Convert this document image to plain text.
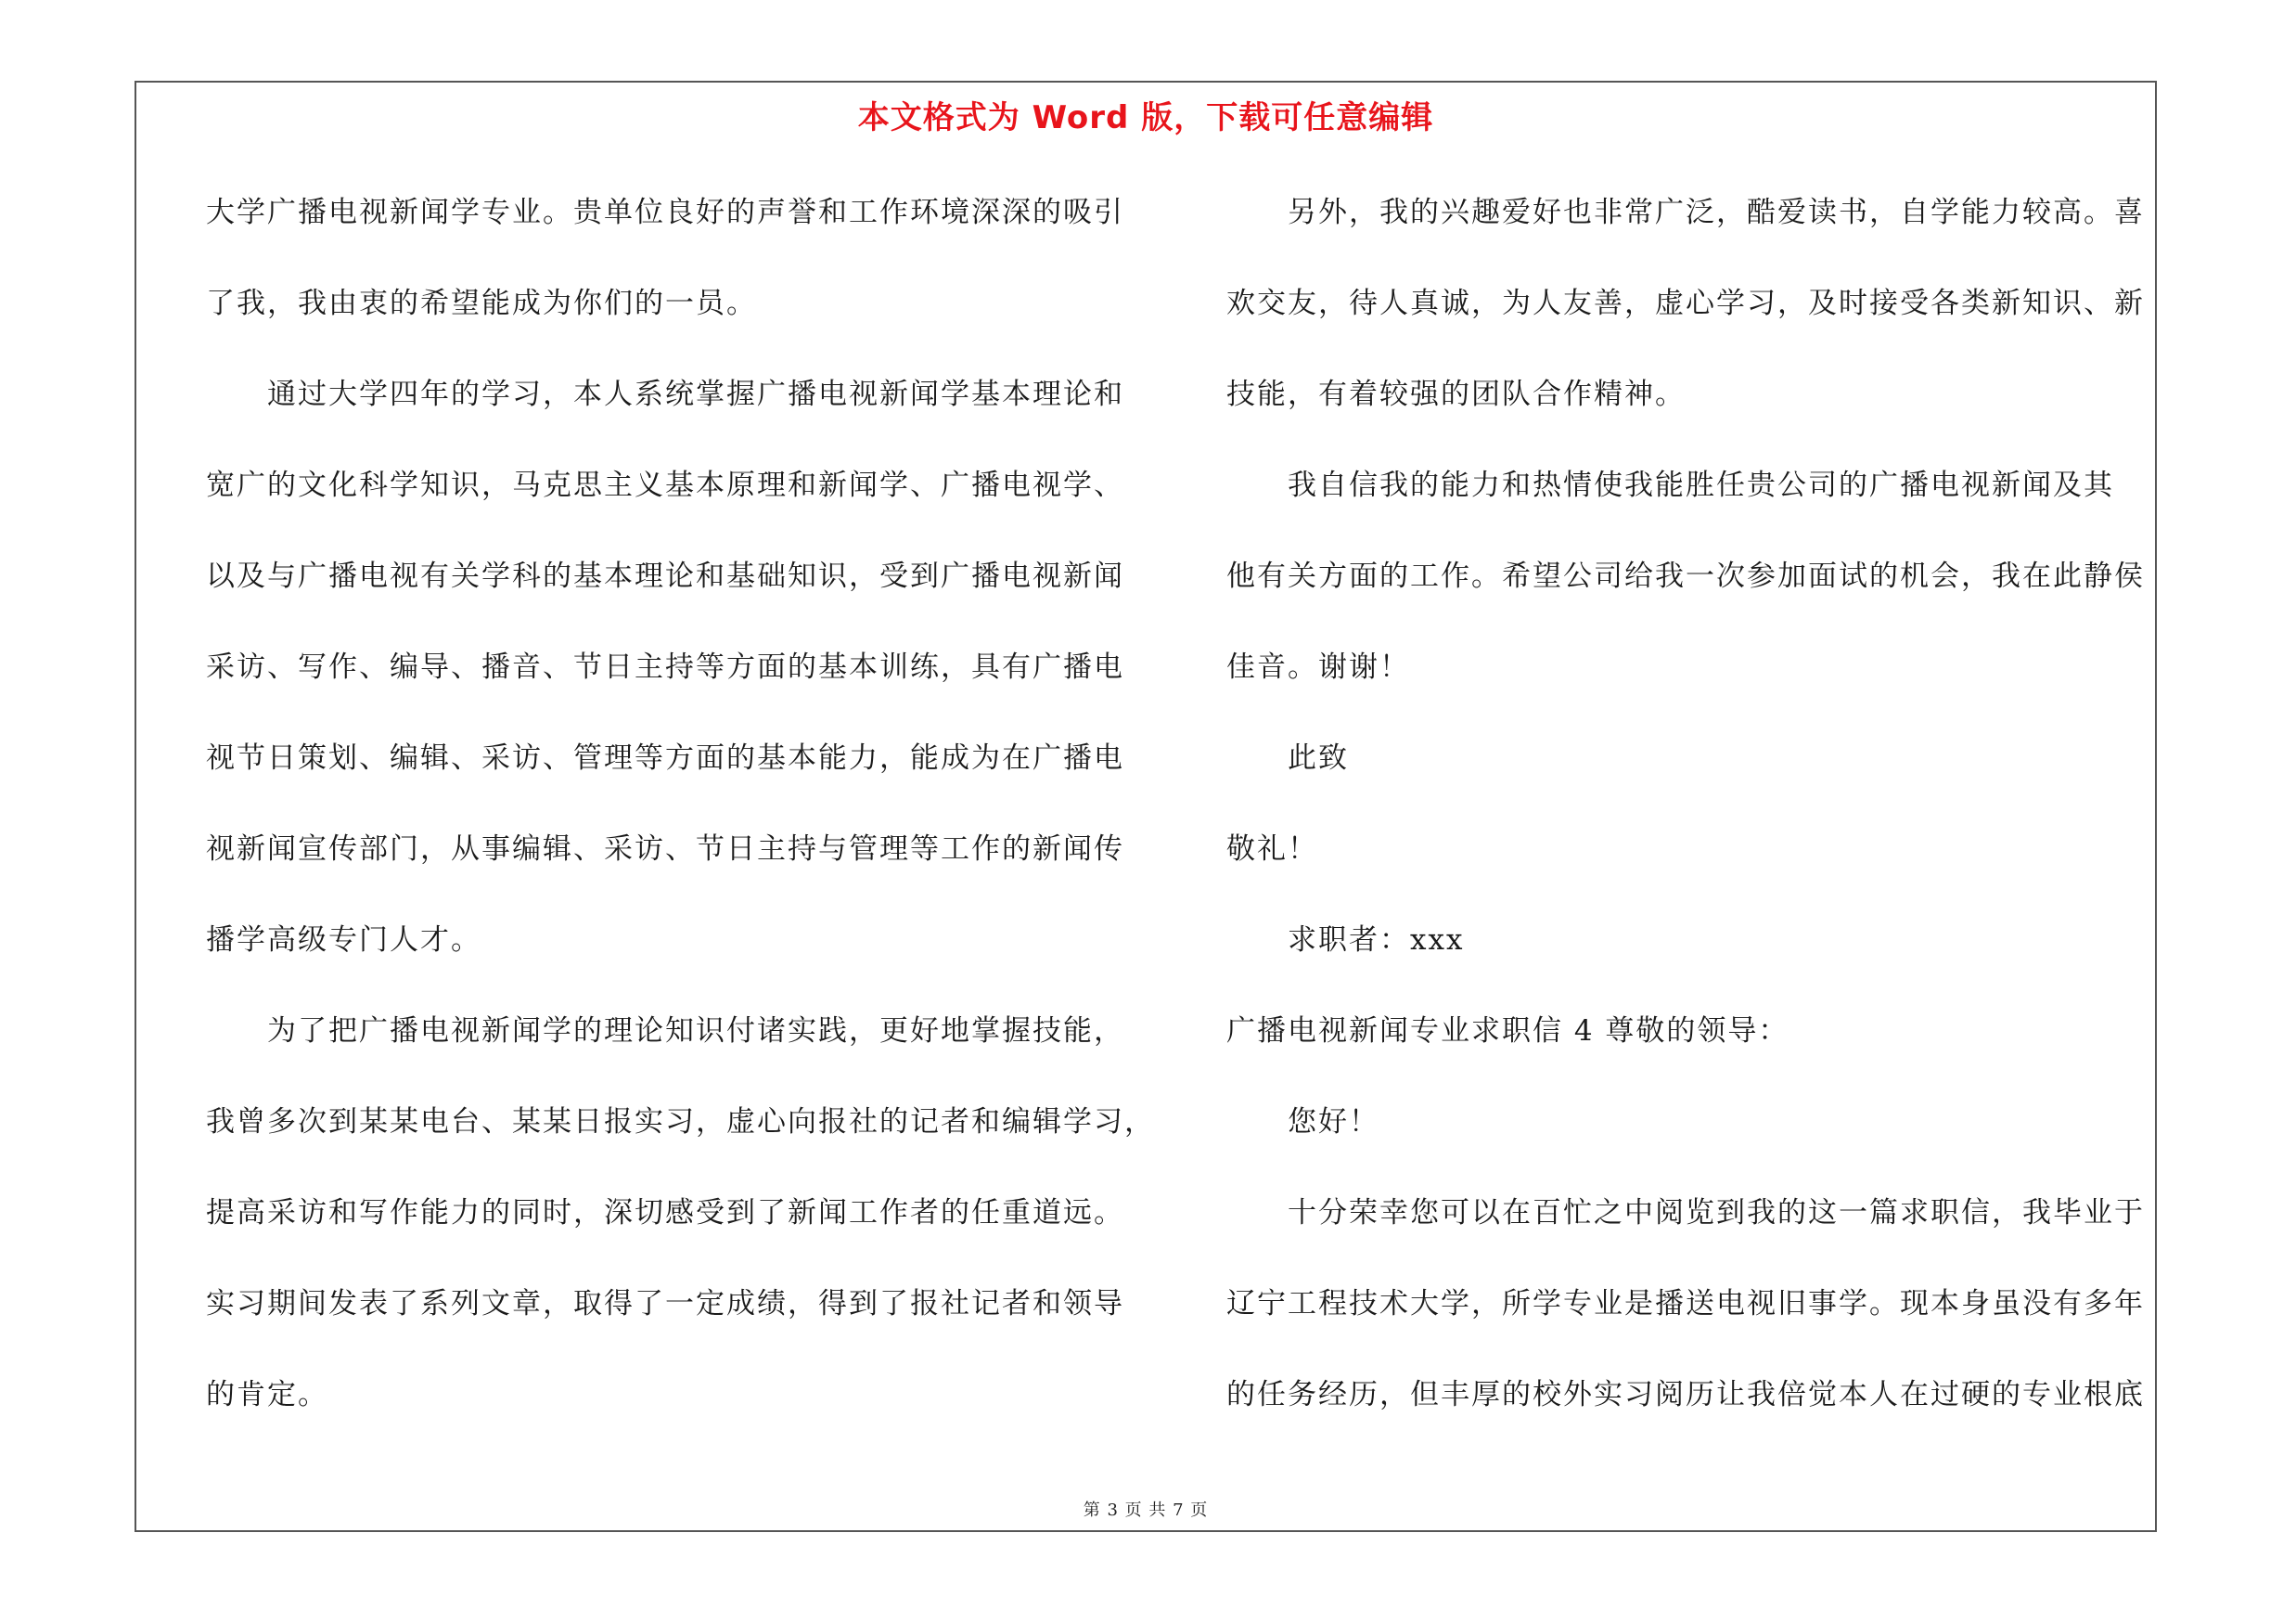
本文格式为 Word 版，下载可任意编辑
大学广播电视新闻学专业。贵单位良好的声誉和工作环境深深的吸引
了我，我由衷的希望能成为你们的一员。
通过大学四年的学习，本人系统掌握广播电视新闻学基本理论和
宽广的文化科学知识，马克思主义基本原理和新闻学、广播电视学、
以及与广播电视有关学科的基本理论和基础知识，受到广播电视新闻
采访、写作、编导、播音、节日主持等方面的基本训练，具有广播电
视节日策划、编辑、采访、管理等方面的基本能力，能成为在广播电
视新闻宣传部门，从事编辑、采访、节日主持与管理等工作的新闻传
播学高级专门人才。
为了把广播电视新闻学的理论知识付诸实践，更好地掌握技能，
我曾多次到某某电台、某某日报实习，虚心向报社的记者和编辑学习，
提高采访和写作能力的同时，深切感受到了新闻工作者的任重道远。
实习期间发表了系列文章，取得了一定成绩，得到了报社记者和领导
的肯定。
另外，我的兴趣爱好也非常广泛，酷爱读书，自学能力较高。喜
欢交友，待人真诚，为人友善，虚心学习，及时接受各类新知识、新
技能，有着较强的团队合作精神。
我自信我的能力和热情使我能胜任贵公司的广播电视新闻及其
他有关方面的工作。希望公司给我一次参加面试的机会，我在此静侯
佳音。谢谢！
此致
敬礼！
求职者：xxx
广播电视新闻专业求职信 4 尊敬的领导：
您好！
十分荣幸您可以在百忙之中阅览到我的这一篇求职信，我毕业于
辽宁工程技术大学，所学专业是播送电视旧事学。现本身虽没有多年
的任务经历，但丰厚的校外实习阅历让我倍觉本人在过硬的专业根底
第 3 页 共 7 页
